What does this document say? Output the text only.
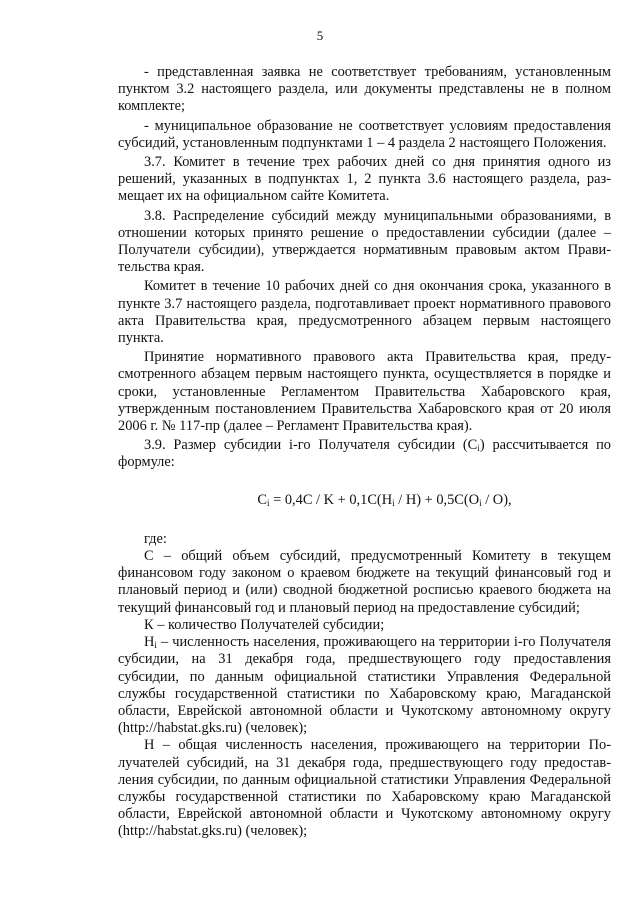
5

- представленная заявка не соответствует требованиям, установленным пунктом 3.2 настоящего раздела, или документы представлены не в полном комплекте;

- муниципальное образование не соответствует условиям предоставления субсидий, установленным подпунктами 1 – 4 раздела 2 настоящего Положения.

3.7. Комитет в течение трех рабочих дней со дня принятия одного из решений, указанных в подпунктах 1, 2 пункта 3.6 настоящего раздела, размещает их на официальном сайте Комитета.

3.8. Распределение субсидий между муниципальными образованиями, в отношении которых принято решение о предоставлении субсидии (далее – Получатели субсидии), утверждается нормативным правовым актом Правительства края.

Комитет в течение 10 рабочих дней со дня окончания срока, указанного в пункте 3.7 настоящего раздела, подготавливает проект нормативного правового акта Правительства края, предусмотренного абзацем первым настоящего пункта.

Принятие нормативного правового акта Правительства края, предусмотренного абзацем первым настоящего пункта, осуществляется в порядке и сроки, установленные Регламентом Правительства Хабаровского края, утвержденным постановлением Правительства Хабаровского края от 20 июля 2006 г. № 117-пр (далее – Регламент Правительства края).

3.9. Размер субсидии i-го Получателя субсидии $(C_i)$ рассчитывается по формуле:

$C_i = 0,4C / K + 0,1C(H_i / H) + 0,5C(O_i / O)$,

где:

С – общий объем субсидий, предусмотренный Комитету в текущем финансовом году законом о краевом бюджете на текущий финансовый год и плановый период и (или) сводной бюджетной росписью краевого бюджета на текущий финансовый год и плановый период на предоставление субсидий;

К – количество Получателей субсидии;

$Н_i$ – численность населения, проживающего на территории i-го Получателя субсидии, на 31 декабря года, предшествующего году предоставления субсидии, по данным официальной статистики Управления Федеральной службы государственной статистики по Хабаровскому краю, Магаданской области, Еврейской автономной области и Чукотскому автономному округу (http://habstat.gks.ru) (человек);

Н – общая численность населения, проживающего на территории Получателей субсидий, на 31 декабря года, предшествующего году предоставления субсидии, по данным официальной статистики Управления Федеральной службы государственной статистики по Хабаровскому краю Магаданской области, Еврейской автономной области и Чукотскому автономному округу (http://habstat.gks.ru) (человек);
